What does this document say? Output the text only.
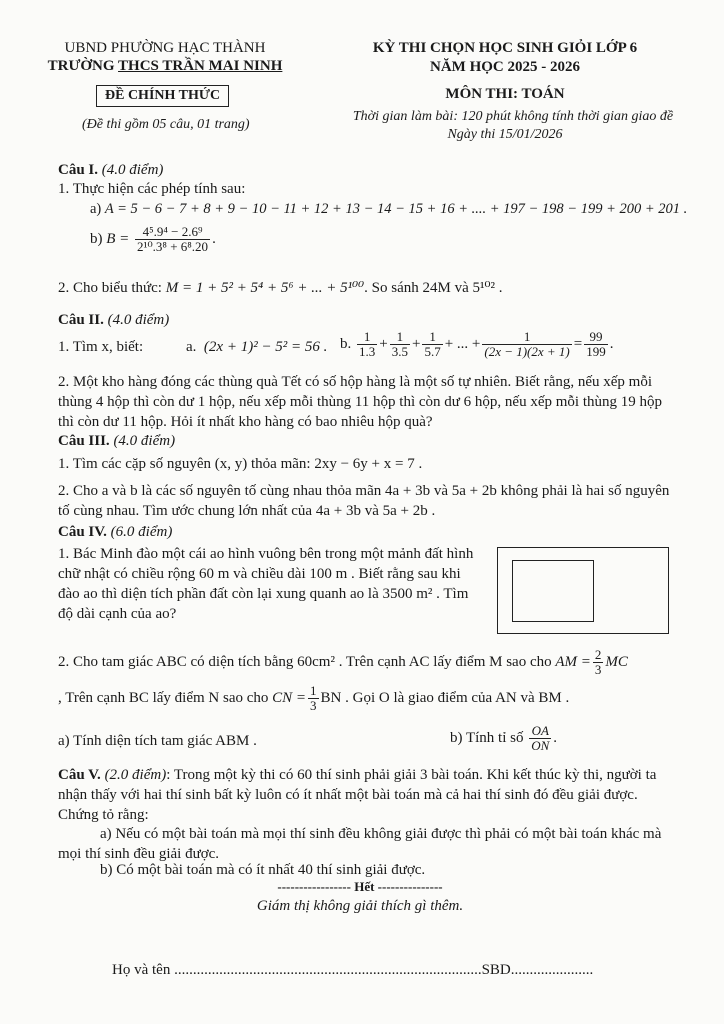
UBND PHƯỜNG HẠC THÀNH
TRƯỜNG THCS TRẦN MAI NINH
ĐỀ CHÍNH THỨC
(Đề thi gồm 05 câu, 01 trang)
KỲ THI CHỌN HỌC SINH GIỎI LỚP 6
NĂM HỌC 2025 - 2026
MÔN THI: TOÁN
Thời gian làm bài: 120 phút không tính thời gian giao đề
Ngày thi 15/01/2026
Câu I. (4.0 điểm)
1. Thực hiện các phép tính sau:
a) A = 5 − 6 − 7 + 8 + 9 − 10 − 11 + 12 + 13 − 14 − 15 + 16 + .... + 197 − 198 − 199 + 200 + 201 .
b) $B = \frac{\text{4⁵.9⁴ − 2.6⁹}}{\text{2¹⁰.3⁸ + 6⁸.20}}$ .
2. Cho biểu thức: M = 1 + 5² + 5⁴ + 5⁶ + ... + 5¹⁰⁰. So sánh 24M và 5¹⁰² .
Câu II. (4.0 điểm)
1. Tìm x, biết:	a. (2x + 1)² − 5² = 56 . b. $\frac{1}{1.3} + \frac{1}{3.5} + \frac{1}{5.7}$ + ... + $\frac{1}{(2x - 1)(2x + 1)} = \frac{99}{199}$ .
2. Một kho hàng đóng các thùng quà Tết có số hộp hàng là một số tự nhiên. Biết rằng, nếu xếp mỗi thùng 4 hộp thì còn dư 1 hộp, nếu xếp mỗi thùng 11 hộp thì còn dư 6 hộp, nếu xếp mỗi thùng 19 hộp thì còn dư 11 hộp. Hỏi ít nhất kho hàng có bao nhiêu hộp quà?
Câu III. (4.0 điểm)
1. Tìm các cặp số nguyên (x, y) thỏa mãn: 2xy − 6y + x = 7 .
2. Cho a và b là các số nguyên tố cùng nhau thỏa mãn 4a + 3b và 5a + 2b không phải là hai số nguyên tố cùng nhau. Tìm ước chung lớn nhất của 4a + 3b và 5a + 2b .
Câu IV. (6.0 điểm)
1. Bác Minh đào một cái ao hình vuông bên trong một mảnh đất hình chữ nhật có chiều rộng 60 m và chiều dài 100 m . Biết rằng sau khi đào ao thì diện tích phần đất còn lại xung quanh ao là 3500 m² . Tìm độ dài cạnh của ao?
2. Cho tam giác ABC có diện tích bằng 60cm² . Trên cạnh AC lấy điểm M sao cho AM = $\frac{2}{3}$ MC
, Trên cạnh BC lấy điểm N sao cho CN = $\frac{1}{3}$ BN . Gọi O là giao điểm của AN và BM .
a) Tính diện tích tam giác ABM .	b) Tính tỉ số $\frac{OA}{ON}$ .
Câu V. (2.0 điểm): Trong một kỳ thi có 60 thí sinh phải giải 3 bài toán. Khi kết thúc kỳ thi, người ta nhận thấy với hai thí sinh bất kỳ luôn có ít nhất một bài toán mà cả hai thí sinh đó đều giải được. Chứng tỏ rằng:
a) Nếu có một bài toán mà mọi thí sinh đều không giải được thì phải có một bài toán khác mà mọi thí sinh đều giải được.
b) Có một bài toán mà có ít nhất 40 thí sinh giải được.
----------------- Hết ---------------
Giám thị không giải thích gì thêm.
Họ và tên ..................................................................................SBD......................
